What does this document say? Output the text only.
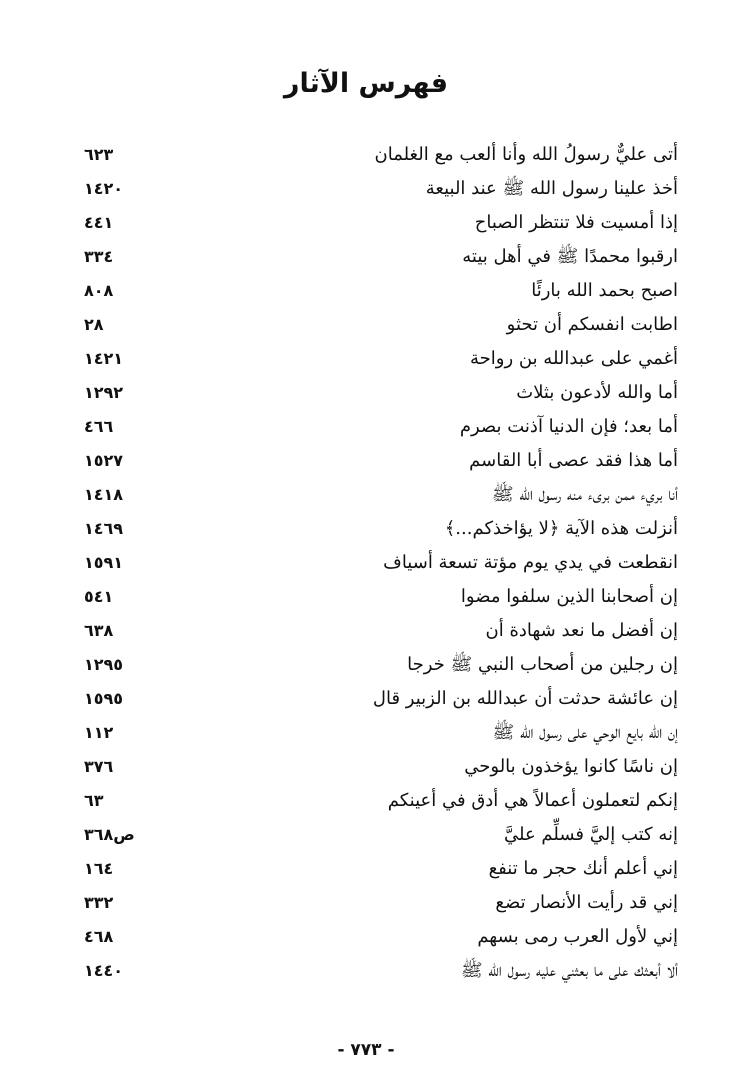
فهرس الآثار
أتى عليٌّ رسولُ الله وأنا ألعب مع الغلمان
٦٢٣
أخذ علينا رسول الله ﷺ عند البيعة
١٤٢٠
إذا أمسيت فلا تنتظر الصباح
٤٤١
ارقبوا محمدًا ﷺ في أهل بيته
٣٣٤
اصبح بحمد الله بارئًا
٨٠٨
اطابت انفسكم أن تحثو
٢٨
أغمي على عبدالله بن رواحة
١٤٢١
أما والله لأدعون بثلاث
١٢٩٢
أما بعد؛ فإن الدنيا آذنت بصرم
٤٦٦
أما هذا فقد عصى أبا القاسم
١٥٢٧
أنا بريء ممن برىء منه رسول الله ﷺ
١٤١٨
أنزلت هذه الآية ﴿لا يؤاخذكم...﴾
١٤٦٩
انقطعت في يدي يوم مؤتة تسعة أسياف
١٥٩١
إن أصحابنا الذين سلفوا مضوا
٥٤١
إن أفضل ما نعد شهادة أن
٦٣٨
إن رجلين من أصحاب النبي ﷺ خرجا
١٢٩٥
إن عائشة حدثت أن عبدالله بن الزبير قال
١٥٩٥
إن الله بايع الوحي على رسول الله ﷺ
١١٢
إن ناسًا كانوا يؤخذون بالوحي
٣٧٦
إنكم لتعملون أعمالاً هي أدق في أعينكم
٦٣
إنه كتب إليَّ فسلِّم عليَّ
ص٣٦٨
إني أعلم أنك حجر ما تنفع
١٦٤
إني قد رأيت الأنصار تضع
٣٣٢
إني لأول العرب رمى بسهم
٤٦٨
ألا أبعثك على ما بعثني عليه رسول الله ﷺ
١٤٤٠
- ٧٧٣ -
